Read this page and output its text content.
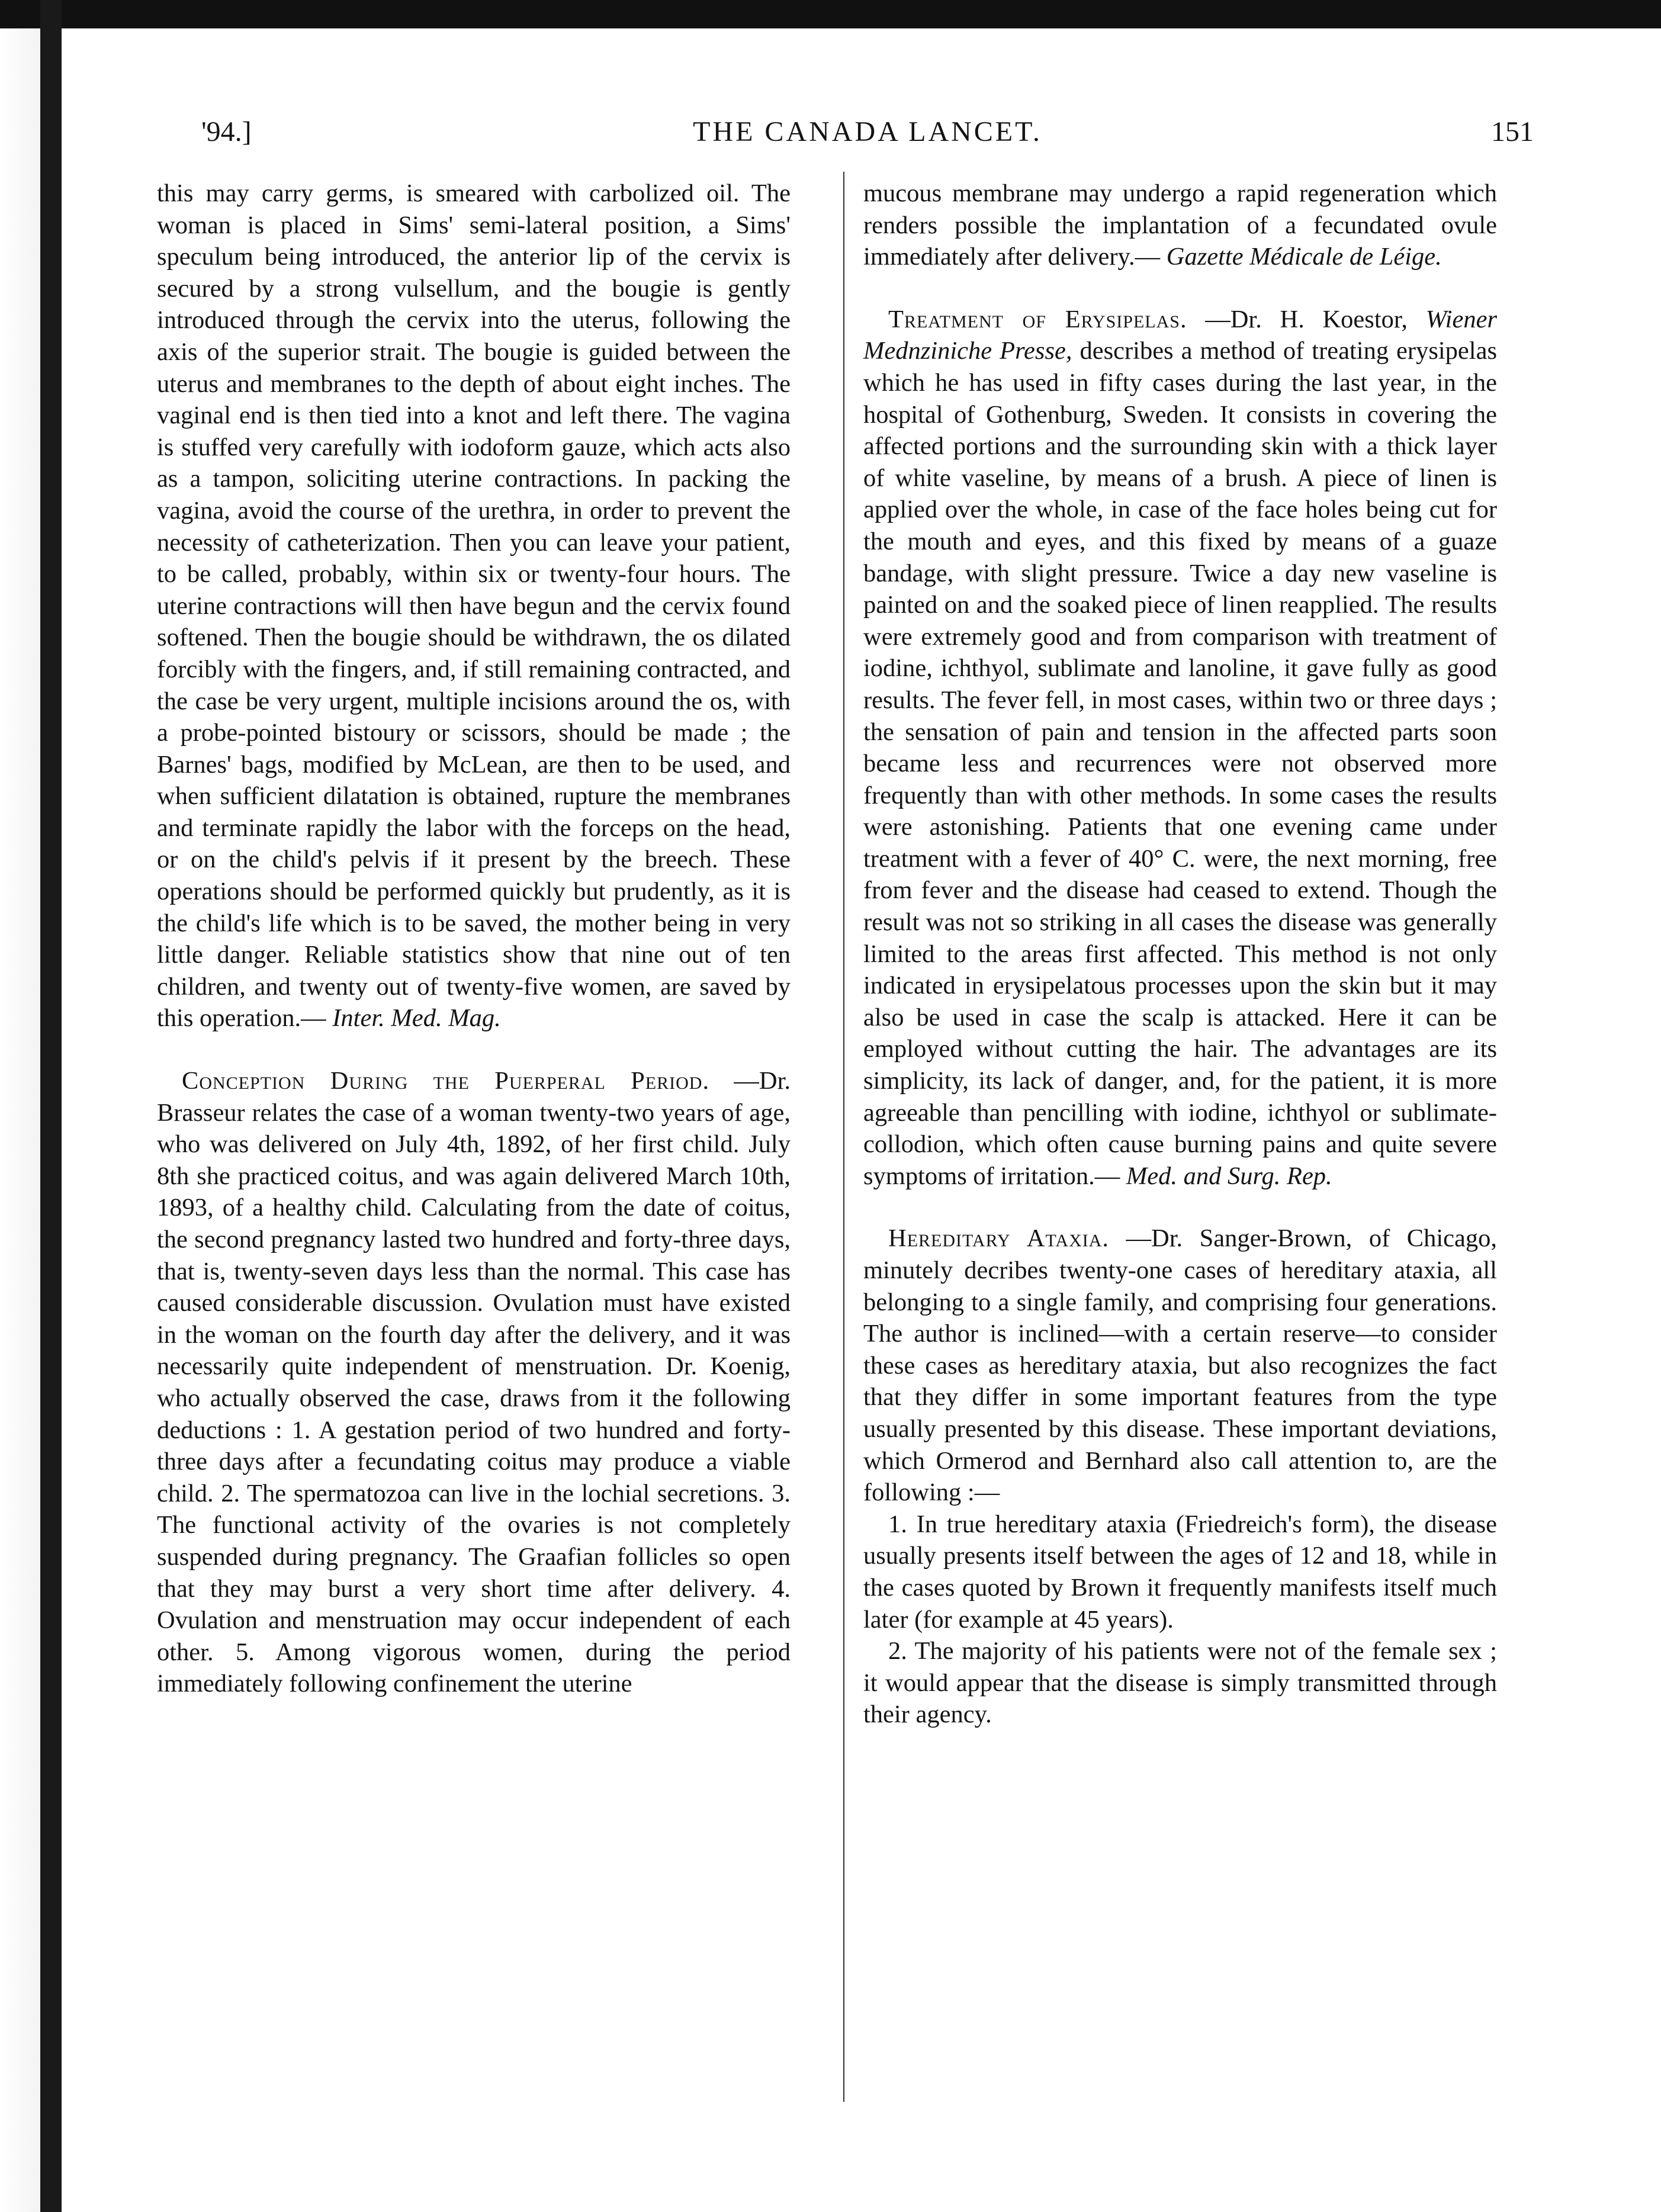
'94.]	THE CANADA LANCET.	151

this may carry germs, is smeared with carbolized oil. The woman is placed in Sims' semi-lateral position, a Sims' speculum being introduced, the anterior lip of the cervix is secured by a strong vulsellum, and the bougie is gently introduced through the cervix into the uterus, following the axis of the superior strait. The bougie is guided between the uterus and membranes to the depth of about eight inches. The vaginal end is then tied into a knot and left there. The vagina is stuffed very carefully with iodoform gauze, which acts also as a tampon, soliciting uterine contractions. In packing the vagina, avoid the course of the urethra, in order to prevent the necessity of catheterization. Then you can leave your patient, to be called, probably, within six or twenty-four hours. The uterine contractions will then have begun and the cervix found softened. Then the bougie should be withdrawn, the os dilated forcibly with the fingers, and, if still remaining contracted, and the case be very urgent, multiple incisions around the os, with a probe-pointed bistoury or scissors, should be made ; the Barnes' bags, modified by McLean, are then to be used, and when sufficient dilatation is obtained, rupture the membranes and terminate rapidly the labor with the forceps on the head, or on the child's pelvis if it present by the breech. These operations should be performed quickly but prudently, as it is the child's life which is to be saved, the mother being in very little danger. Reliable statistics show that nine out of ten children, and twenty out of twenty-five women, are saved by this operation.— Inter. Med. Mag.

Conception During the Puerperal Period. —Dr. Brasseur relates the case of a woman twenty-two years of age, who was delivered on July 4th, 1892, of her first child. July 8th she practiced coitus, and was again delivered March 10th, 1893, of a healthy child. Calculating from the date of coitus, the second pregnancy lasted two hundred and forty-three days, that is, twenty-seven days less than the normal. This case has caused considerable discussion. Ovulation must have existed in the woman on the fourth day after the delivery, and it was necessarily quite independent of menstruation. Dr. Koenig, who actually observed the case, draws from it the following deductions : 1. A gestation period of two hundred and forty-three days after a fecundating coitus may produce a viable child. 2. The spermatozoa can live in the lochial secretions. 3. The functional activity of the ovaries is not completely suspended during pregnancy. The Graafian follicles so open that they may burst a very short time after delivery. 4. Ovulation and menstruation may occur independent of each other. 5. Among vigorous women, during the period immediately following confinement the uterine

mucous membrane may undergo a rapid regeneration which renders possible the implantation of a fecundated ovule immediately after delivery.— Gazette Médicale de Léige.

Treatment of Erysipelas. —Dr. H. Koestor, Wiener Mednziniche Presse, describes a method of treating erysipelas which he has used in fifty cases during the last year, in the hospital of Gothenburg, Sweden. It consists in covering the affected portions and the surrounding skin with a thick layer of white vaseline, by means of a brush. A piece of linen is applied over the whole, in case of the face holes being cut for the mouth and eyes, and this fixed by means of a guaze bandage, with slight pressure. Twice a day new vaseline is painted on and the soaked piece of linen reapplied. The results were extremely good and from comparison with treatment of iodine, ichthyol, sublimate and lanoline, it gave fully as good results. The fever fell, in most cases, within two or three days ; the sensation of pain and tension in the affected parts soon became less and recurrences were not observed more frequently than with other methods. In some cases the results were astonishing. Patients that one evening came under treatment with a fever of 40° C. were, the next morning, free from fever and the disease had ceased to extend. Though the result was not so striking in all cases the disease was generally limited to the areas first affected. This method is not only indicated in erysipelatous processes upon the skin but it may also be used in case the scalp is attacked. Here it can be employed without cutting the hair. The advantages are its simplicity, its lack of danger, and, for the patient, it is more agreeable than pencilling with iodine, ichthyol or sublimate-collodion, which often cause burning pains and quite severe symptoms of irritation.— Med. and Surg. Rep.

Hereditary Ataxia. —Dr. Sanger-Brown, of Chicago, minutely decribes twenty-one cases of hereditary ataxia, all belonging to a single family, and comprising four generations. The author is inclined—with a certain reserve—to consider these cases as hereditary ataxia, but also recognizes the fact that they differ in some important features from the type usually presented by this disease. These important deviations, which Ormerod and Bernhard also call attention to, are the following :—

1. In true hereditary ataxia (Friedreich's form), the disease usually presents itself between the ages of 12 and 18, while in the cases quoted by Brown it frequently manifests itself much later (for example at 45 years).

2. The majority of his patients were not of the female sex ; it would appear that the disease is simply transmitted through their agency.
